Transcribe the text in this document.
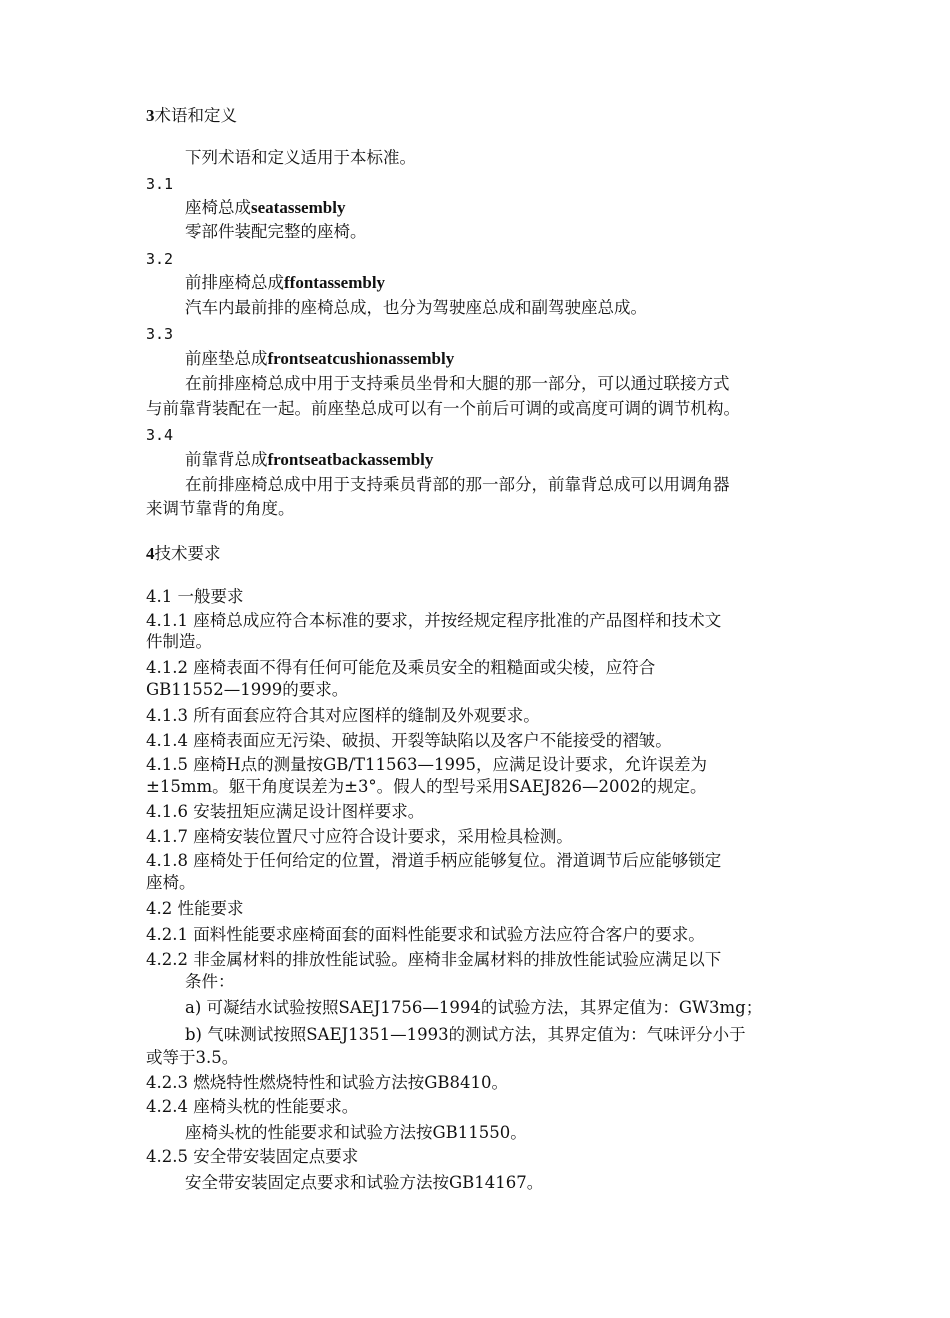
3术语和定义
下列术语和定义适用于本标准。
3.1
座椅总成seatassembly
零部件装配完整的座椅。
3.2
前排座椅总成ffontassembly
汽车内最前排的座椅总成，也分为驾驶座总成和副驾驶座总成。
3.3
前座垫总成frontseatcushionassembly
在前排座椅总成中用于支持乘员坐骨和大腿的那一部分，可以通过联接方式
与前靠背装配在一起。前座垫总成可以有一个前后可调的或高度可调的调节机构。
3.4
前靠背总成frontseatbackassembly
在前排座椅总成中用于支持乘员背部的那一部分，前靠背总成可以用调角器
来调节靠背的角度。
4技术要求
4.1 一般要求
4.1.1 座椅总成应符合本标准的要求，并按经规定程序批准的产品图样和技术文
件制造。
4.1.2 座椅表面不得有任何可能危及乘员安全的粗糙面或尖棱，应符合
GB11552—1999的要求。
4.1.3 所有面套应符合其对应图样的缝制及外观要求。
4.1.4 座椅表面应无污染、破损、开裂等缺陷以及客户不能接受的褶皱。
4.1.5 座椅H点的测量按GB/T11563—1995，应满足设计要求，允许误差为
±15mm。躯干角度误差为±3°。假人的型号采用SAEJ826—2002的规定。
4.1.6 安装扭矩应满足设计图样要求。
4.1.7 座椅安装位置尺寸应符合设计要求，采用检具检测。
4.1.8 座椅处于任何给定的位置，滑道手柄应能够复位。滑道调节后应能够锁定
座椅。
4.2 性能要求
4.2.1 面料性能要求座椅面套的面料性能要求和试验方法应符合客户的要求。
4.2.2 非金属材料的排放性能试验。座椅非金属材料的排放性能试验应满足以下
条件：
a) 可凝结水试验按照SAEJ1756—1994的试验方法，其界定值为：GW3mg；
b) 气味测试按照SAEJ1351—1993的测试方法，其界定值为：气味评分小于
或等于3.5。
4.2.3 燃烧特性燃烧特性和试验方法按GB8410。
4.2.4 座椅头枕的性能要求。
座椅头枕的性能要求和试验方法按GB11550。
4.2.5 安全带安装固定点要求
安全带安装固定点要求和试验方法按GB14167。
